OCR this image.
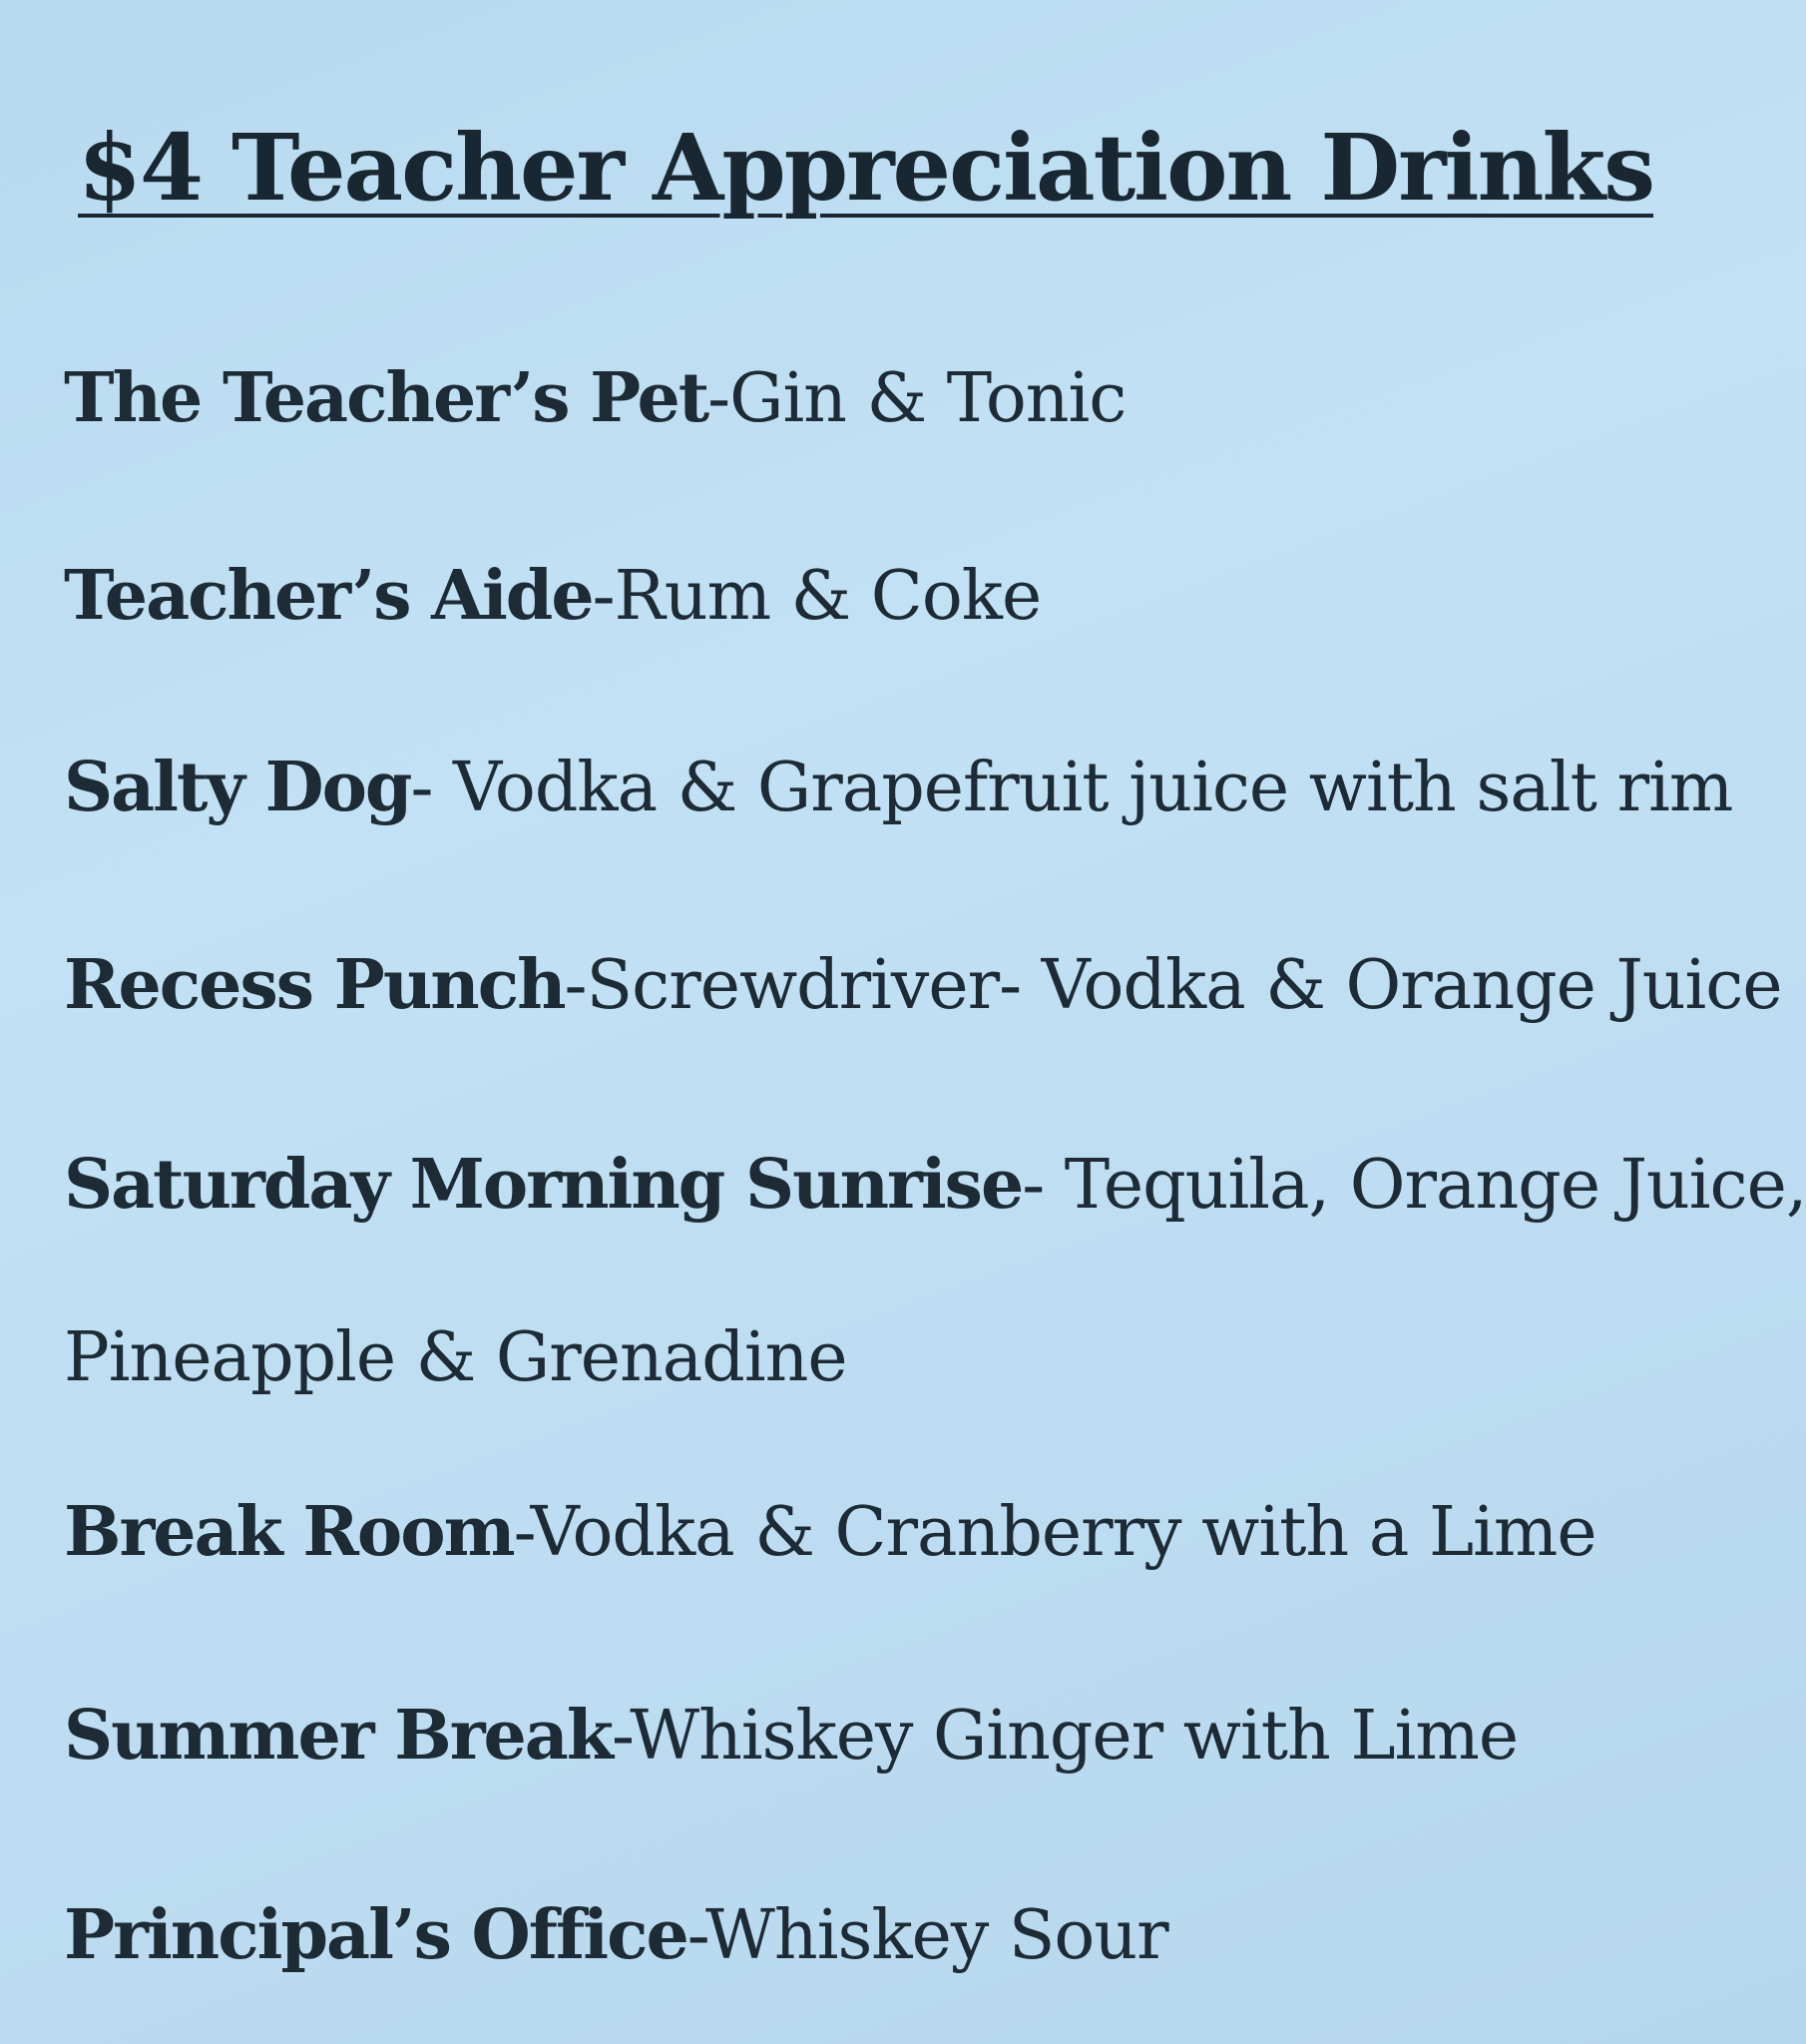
$4 Teacher Appreciation Drinks
The Teacher’s Pet-Gin & Tonic
Teacher’s Aide-Rum & Coke
Salty Dog- Vodka & Grapefruit juice with salt rim
Recess Punch-Screwdriver- Vodka & Orange Juice
Saturday Morning Sunrise- Tequila, Orange Juice,
Pineapple & Grenadine
Break Room-Vodka & Cranberry with a Lime
Summer Break-Whiskey Ginger with Lime
Principal’s Office-Whiskey Sour
